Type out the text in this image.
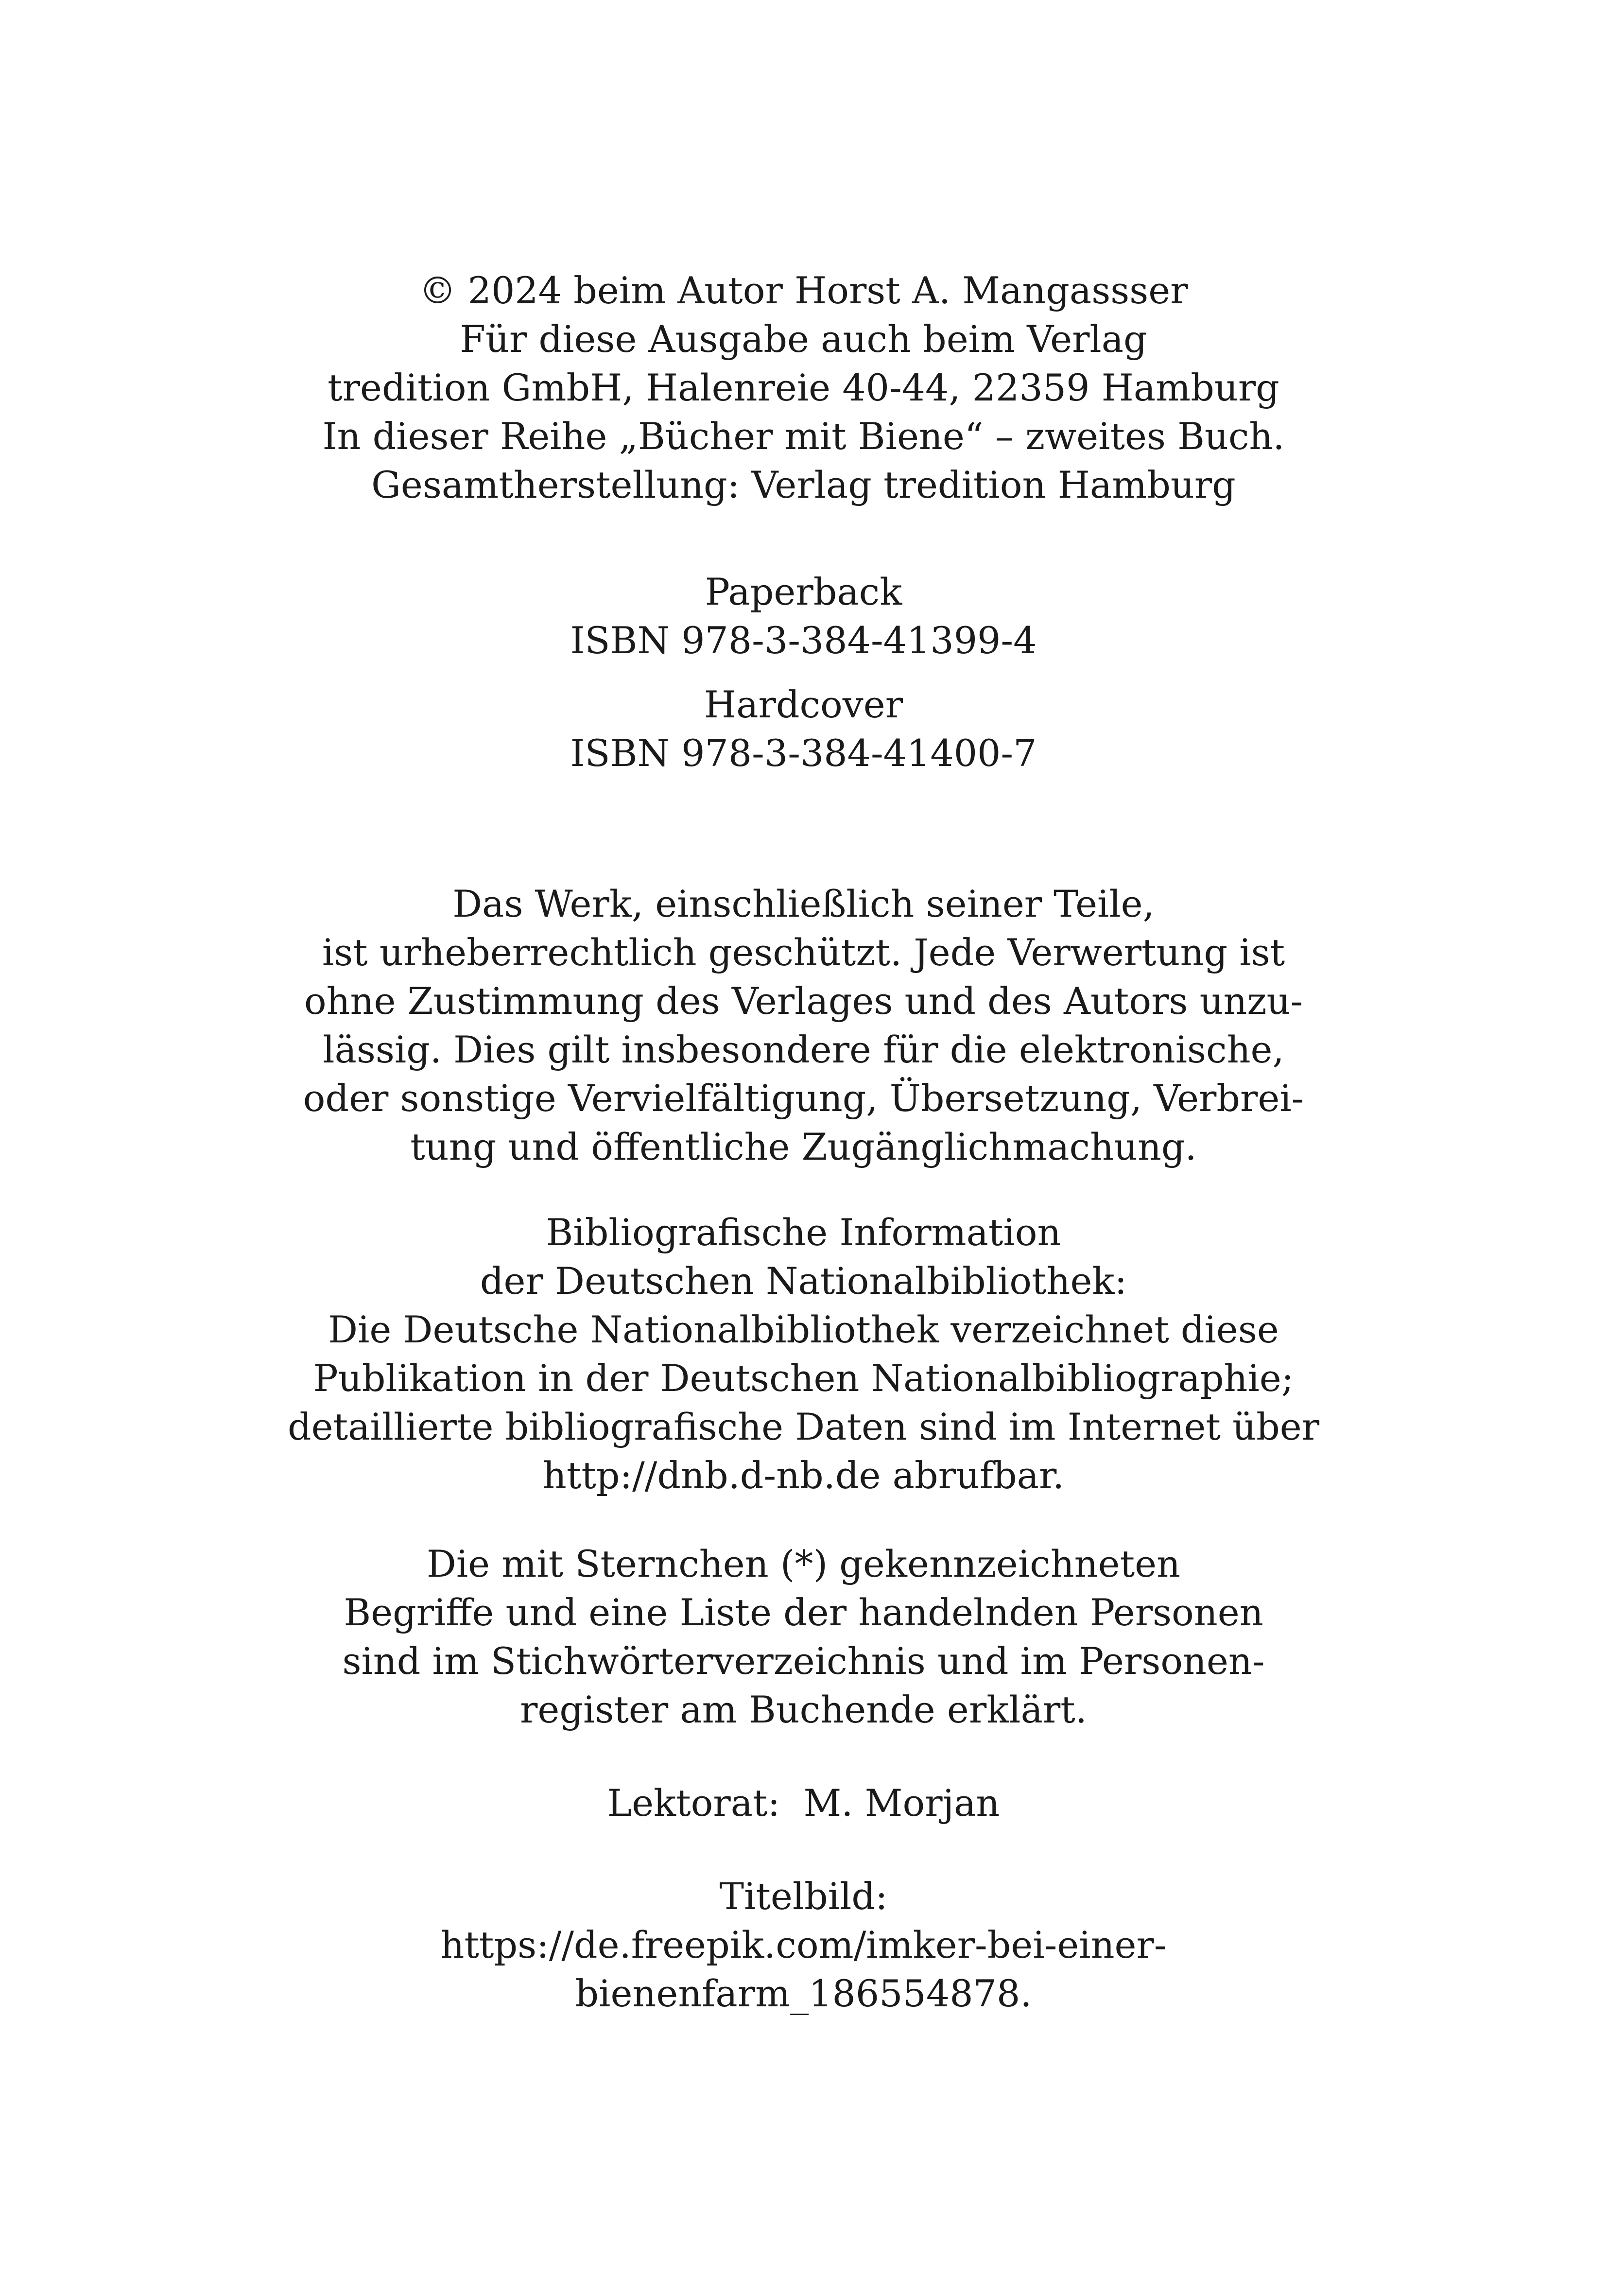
© 2024 beim Autor Horst A. Mangassser
Für diese Ausgabe auch beim Verlag
tredition GmbH, Halenreie 40-44, 22359 Hamburg
In dieser Reihe „Bücher mit Biene“ – zweites Buch.
Gesamtherstellung: Verlag tredition Hamburg
Paperback
ISBN 978-3-384-41399-4
Hardcover
ISBN 978-3-384-41400-7
Das Werk, einschließlich seiner Teile,
ist urheberrechtlich geschützt. Jede Verwertung ist
ohne Zustimmung des Verlages und des Autors unzu-
lässig. Dies gilt insbesondere für die elektronische,
oder sonstige Vervielfältigung, Übersetzung, Verbrei-
tung und öffentliche Zugänglichmachung.
Bibliografische Information
der Deutschen Nationalbibliothek:
Die Deutsche Nationalbibliothek verzeichnet diese
Publikation in der Deutschen Nationalbibliographie;
detaillierte bibliografische Daten sind im Internet über
http://dnb.d-nb.de abrufbar.
Die mit Sternchen (*) gekennzeichneten
Begriffe und eine Liste der handelnden Personen
sind im Stichwörterverzeichnis und im Personen-
register am Buchende erklärt.
Lektorat:  M. Morjan
Titelbild:
https://de.freepik.com/imker-bei-einer-
bienenfarm_186554878.
